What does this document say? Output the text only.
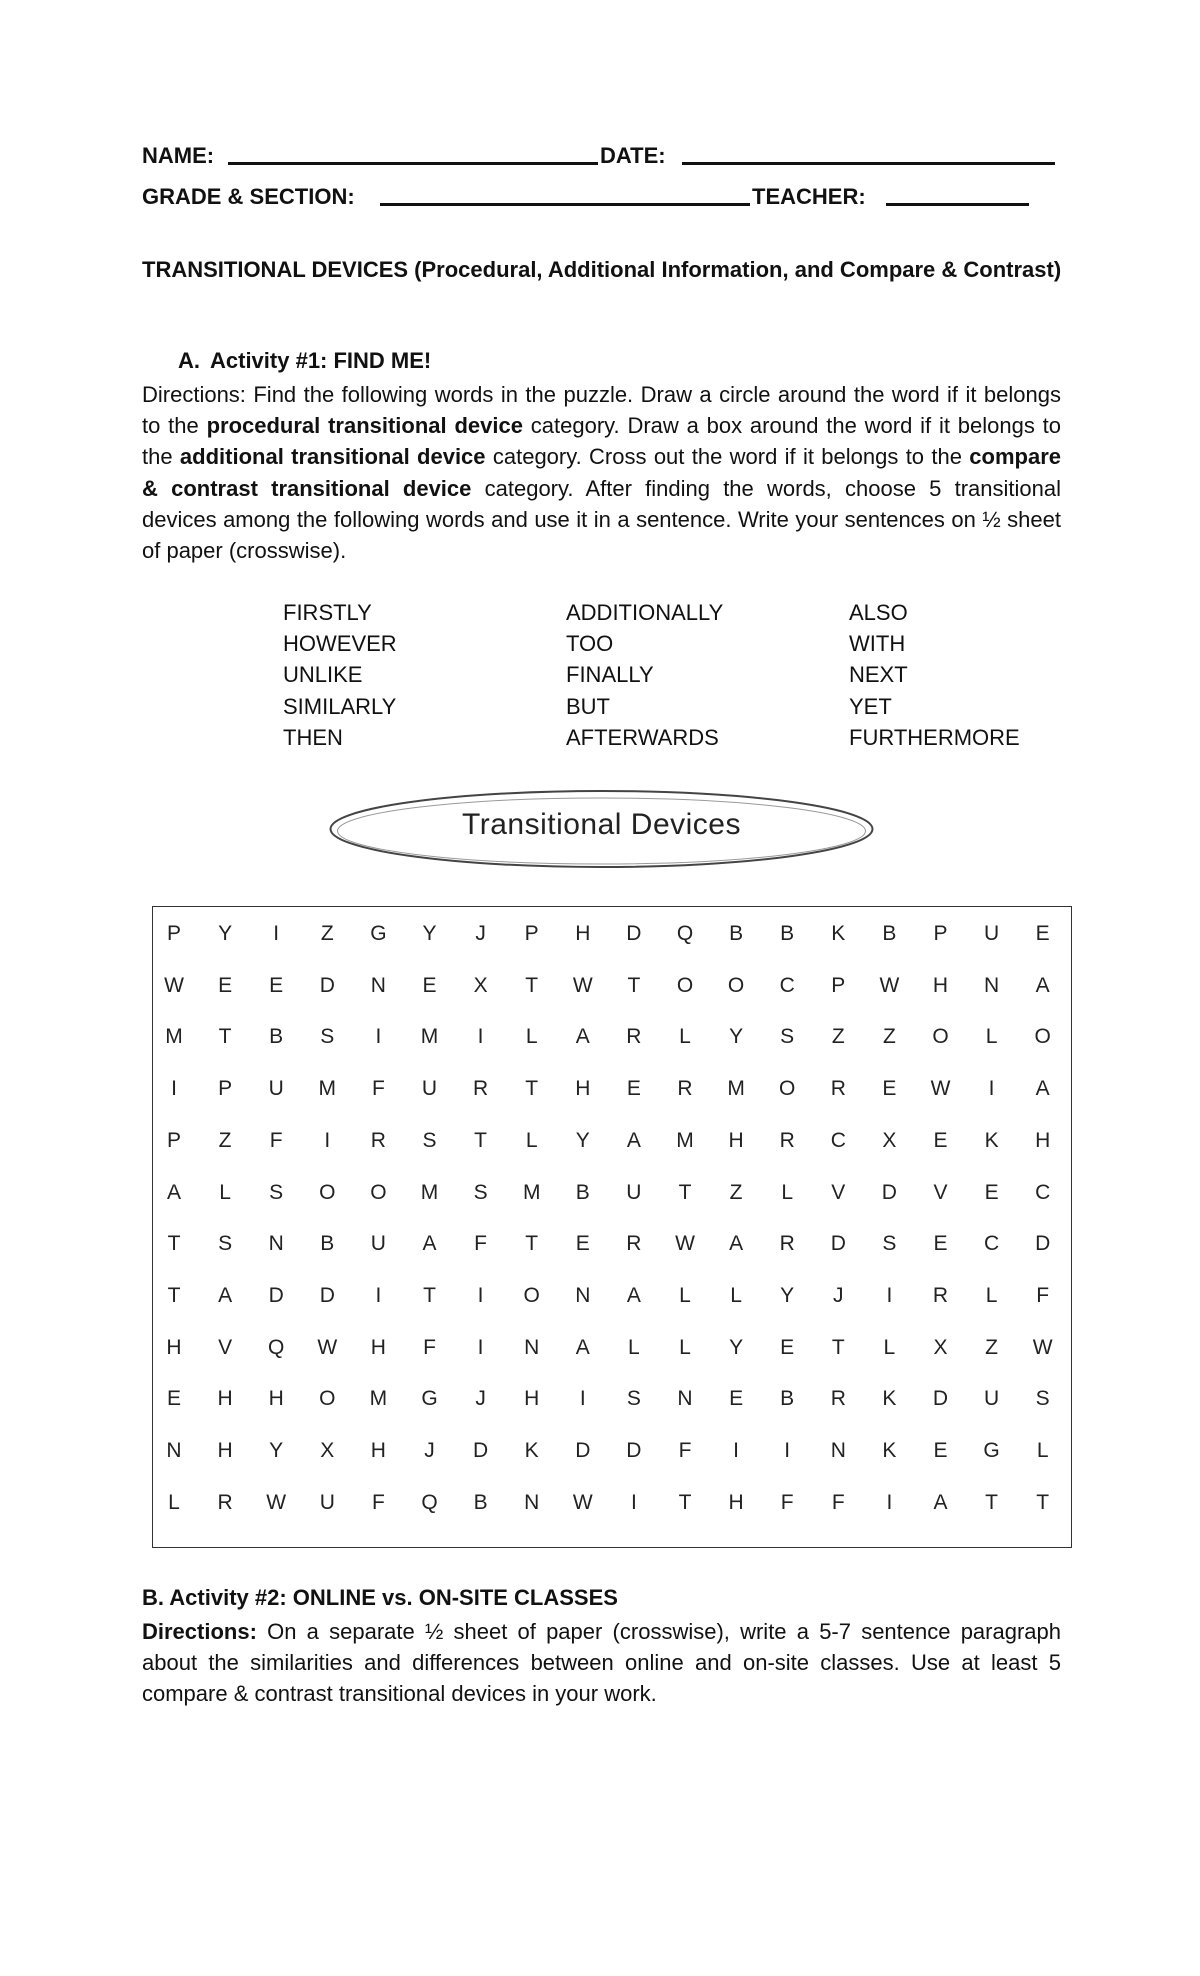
NAME:	DATE:
GRADE & SECTION:	TEACHER:
TRANSITIONAL DEVICES (Procedural, Additional Information, and Compare & Contrast)
A. Activity #1: FIND ME!
Directions: Find the following words in the puzzle. Draw a circle around the word if it belongs to the procedural transitional device category. Draw a box around the word if it belongs to the additional transitional device category. Cross out the word if it belongs to the compare & contrast transitional device category. After finding the words, choose 5 transitional devices among the following words and use it in a sentence. Write your sentences on ½ sheet of paper (crosswise).
FIRSTLY
HOWEVER
UNLIKE
SIMILARLY
THEN
ADDITIONALLY
TOO
FINALLY
BUT
AFTERWARDS
ALSO
WITH
NEXT
YET
FURTHERMORE
Transitional Devices
P	Y	I	Z	G	Y	J	P	H	D	Q	B	B	K	B	P	U	E
W	E	E	D	N	E	X	T	W	T	O	O	C	P	W	H	N	A
M	T	B	S	I	M	I	L	A	R	L	Y	S	Z	Z	O	L	O
I	P	U	M	F	U	R	T	H	E	R	M	O	R	E	W	I	A
P	Z	F	I	R	S	T	L	Y	A	M	H	R	C	X	E	K	H
A	L	S	O	O	M	S	M	B	U	T	Z	L	V	D	V	E	C
T	S	N	B	U	A	F	T	E	R	W	A	R	D	S	E	C	D
T	A	D	D	I	T	I	O	N	A	L	L	Y	J	I	R	L	F
H	V	Q	W	H	F	I	N	A	L	L	Y	E	T	L	X	Z	W
E	H	H	O	M	G	J	H	I	S	N	E	B	R	K	D	U	S
N	H	Y	X	H	J	D	K	D	D	F	I	I	N	K	E	G	L
L	R	W	U	F	Q	B	N	W	I	T	H	F	F	I	A	T	T
B. Activity #2: ONLINE vs. ON-SITE CLASSES
Directions: On a separate ½ sheet of paper (crosswise), write a 5-7 sentence paragraph about the similarities and differences between online and on-site classes. Use at least 5 compare & contrast transitional devices in your work.
